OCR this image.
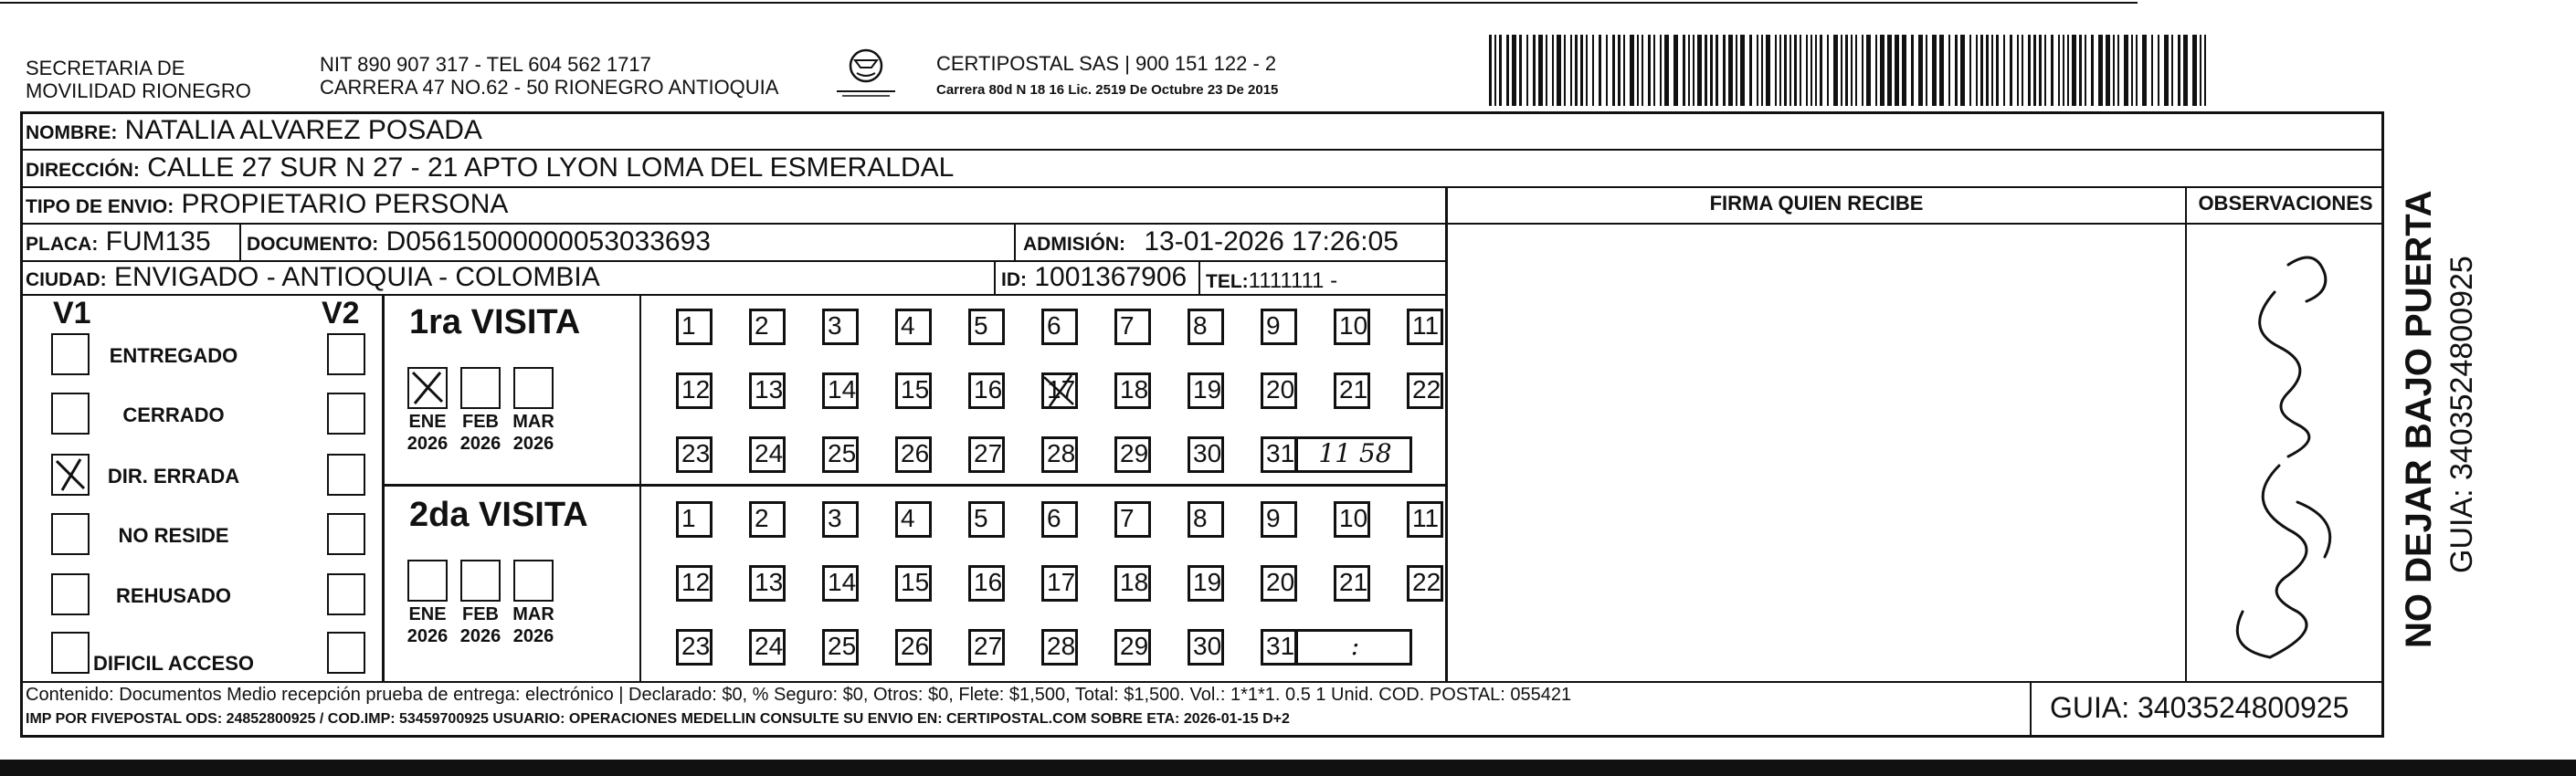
SECRETARIA DE
MOVILIDAD RIONEGRO
NIT 890 907 317 - TEL 604 562 1717
CARRERA 47 NO.62 - 50 RIONEGRO ANTIOQUIA
CERTIPOSTAL SAS | 900 151 122 - 2
Carrera 80d N 18 16 Lic. 2519 De Octubre 23 De 2015
NOMBRE: NATALIA ALVAREZ POSADA
DIRECCIÓN: CALLE 27 SUR N 27 - 21 APTO LYON LOMA DEL ESMERALDAL
TIPO DE ENVIO: PROPIETARIO PERSONA
PLACA: FUM135 DOCUMENTO: D05615000000053033693	ADMISIÓN: 13-01-2026 17:26:05
CIUDAD: ENVIGADO - ANTIOQUIA - COLOMBIA	ID: 1001367906 TEL:1111111 -
FIRMA QUIEN RECIBE	OBSERVACIONES
V1	V2
ENTREGADO
CERRADO
DIR. ERRADA
NO RESIDE
REHUSADO
DIFICIL ACCESO
1ra VISITA
ENE
2026
FEB
2026
MAR
2026
1	2	3	4	5	6	7	8	9	10 11
12 13 14 15 16 17 18 19 20 21 22
23 24 25 26 27 28 29 30 31 11 58
2da VISITA
ENE
2026
FEB
2026
MAR
2026
1	2	3	4	5	6	7	8	9	10 11
12 13 14 15 16 17 18 19 20 21 22
23 24 25 26 27 28 29 30 31	:
Contenido: Documentos Medio recepción prueba de entrega: electrónico | Declarado: $0, % Seguro: $0, Otros: $0, Flete: $1,500, Total: $1,500. Vol.: 1*1*1. 0.5 1 Unid. COD. POSTAL: 055421
IMP POR FIVEPOSTAL ODS: 24852800925 / COD.IMP: 53459700925 USUARIO: OPERACIONES MEDELLIN CONSULTE SU ENVIO EN: CERTIPOSTAL.COM SOBRE ETA: 2026-01-15 D+2	GUIA: 3403524800925
NO DEJAR BAJO PUERTA GUIA: 3403524800925
